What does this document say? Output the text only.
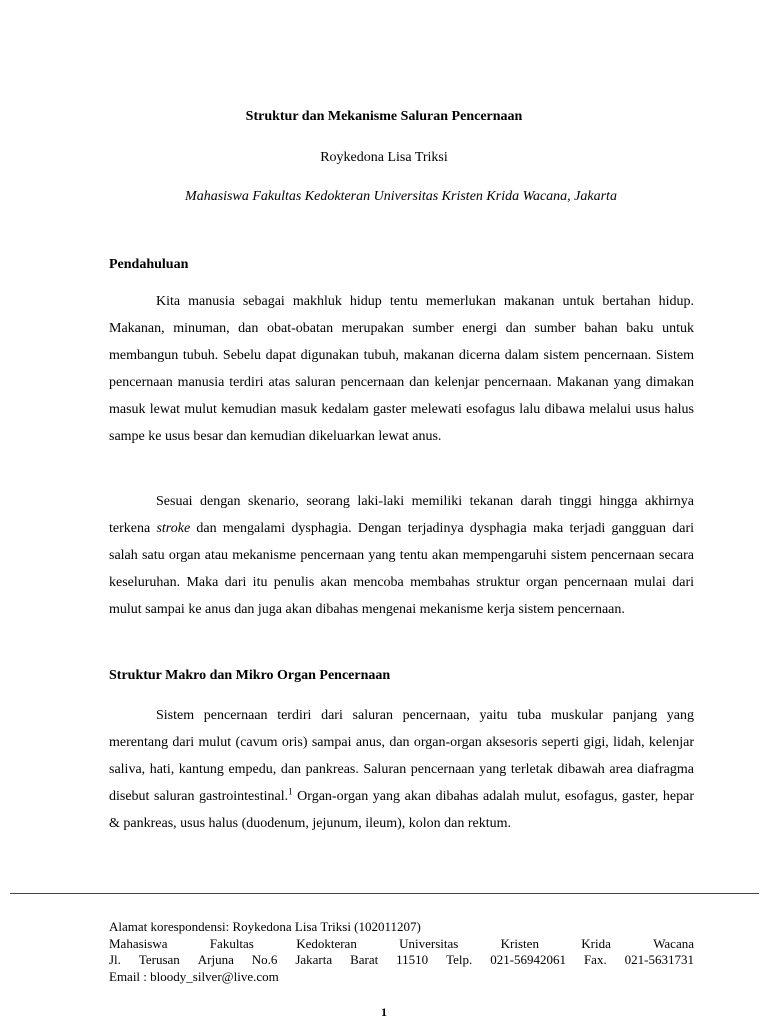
Struktur dan Mekanisme Saluran Pencernaan
Roykedona Lisa Triksi
Mahasiswa Fakultas Kedokteran Universitas Kristen Krida Wacana, Jakarta
Pendahuluan

Kita manusia sebagai makhluk hidup tentu memerlukan makanan untuk bertahan hidup. Makanan, minuman, dan obat-obatan merupakan sumber energi dan sumber bahan baku untuk membangun tubuh. Sebelu dapat digunakan tubuh, makanan dicerna dalam sistem pencernaan. Sistem pencernaan manusia terdiri atas saluran pencernaan dan kelenjar pencernaan. Makanan yang dimakan masuk lewat mulut kemudian masuk kedalam gaster melewati esofagus lalu dibawa melalui usus halus sampe ke usus besar dan kemudian dikeluarkan lewat anus.

Sesuai dengan skenario, seorang laki-laki memiliki tekanan darah tinggi hingga akhirnya terkena stroke dan mengalami dysphagia. Dengan terjadinya dysphagia maka terjadi gangguan dari salah satu organ atau mekanisme pencernaan yang tentu akan mempengaruhi sistem pencernaan secara keseluruhan. Maka dari itu penulis akan mencoba membahas struktur organ pencernaan mulai dari mulut sampai ke anus dan juga akan dibahas mengenai mekanisme kerja sistem pencernaan.

Struktur Makro dan Mikro Organ Pencernaan

Sistem pencernaan terdiri dari saluran pencernaan, yaitu tuba muskular panjang yang merentang dari mulut (cavum oris) sampai anus, dan organ-organ aksesoris seperti gigi, lidah, kelenjar saliva, hati, kantung empedu, dan pankreas. Saluran pencernaan yang terletak dibawah area diafragma disebut saluran gastrointestinal.$^1$ Organ-organ yang akan dibahas adalah mulut, esofagus, gaster, hepar & pankreas, usus halus (duodenum, jejunum, ileum), kolon dan rektum.

Alamat korespondensi: Roykedona Lisa Triksi (102011207)
Mahasiswa	Fakultas	Kedokteran	Universitas	Kristen	Krida	Wacana
Jl. Terusan Arjuna No.6 Jakarta Barat 11510 Telp. 021-56942061 Fax. 021-5631731
Email : bloody_silver@live.com
1
